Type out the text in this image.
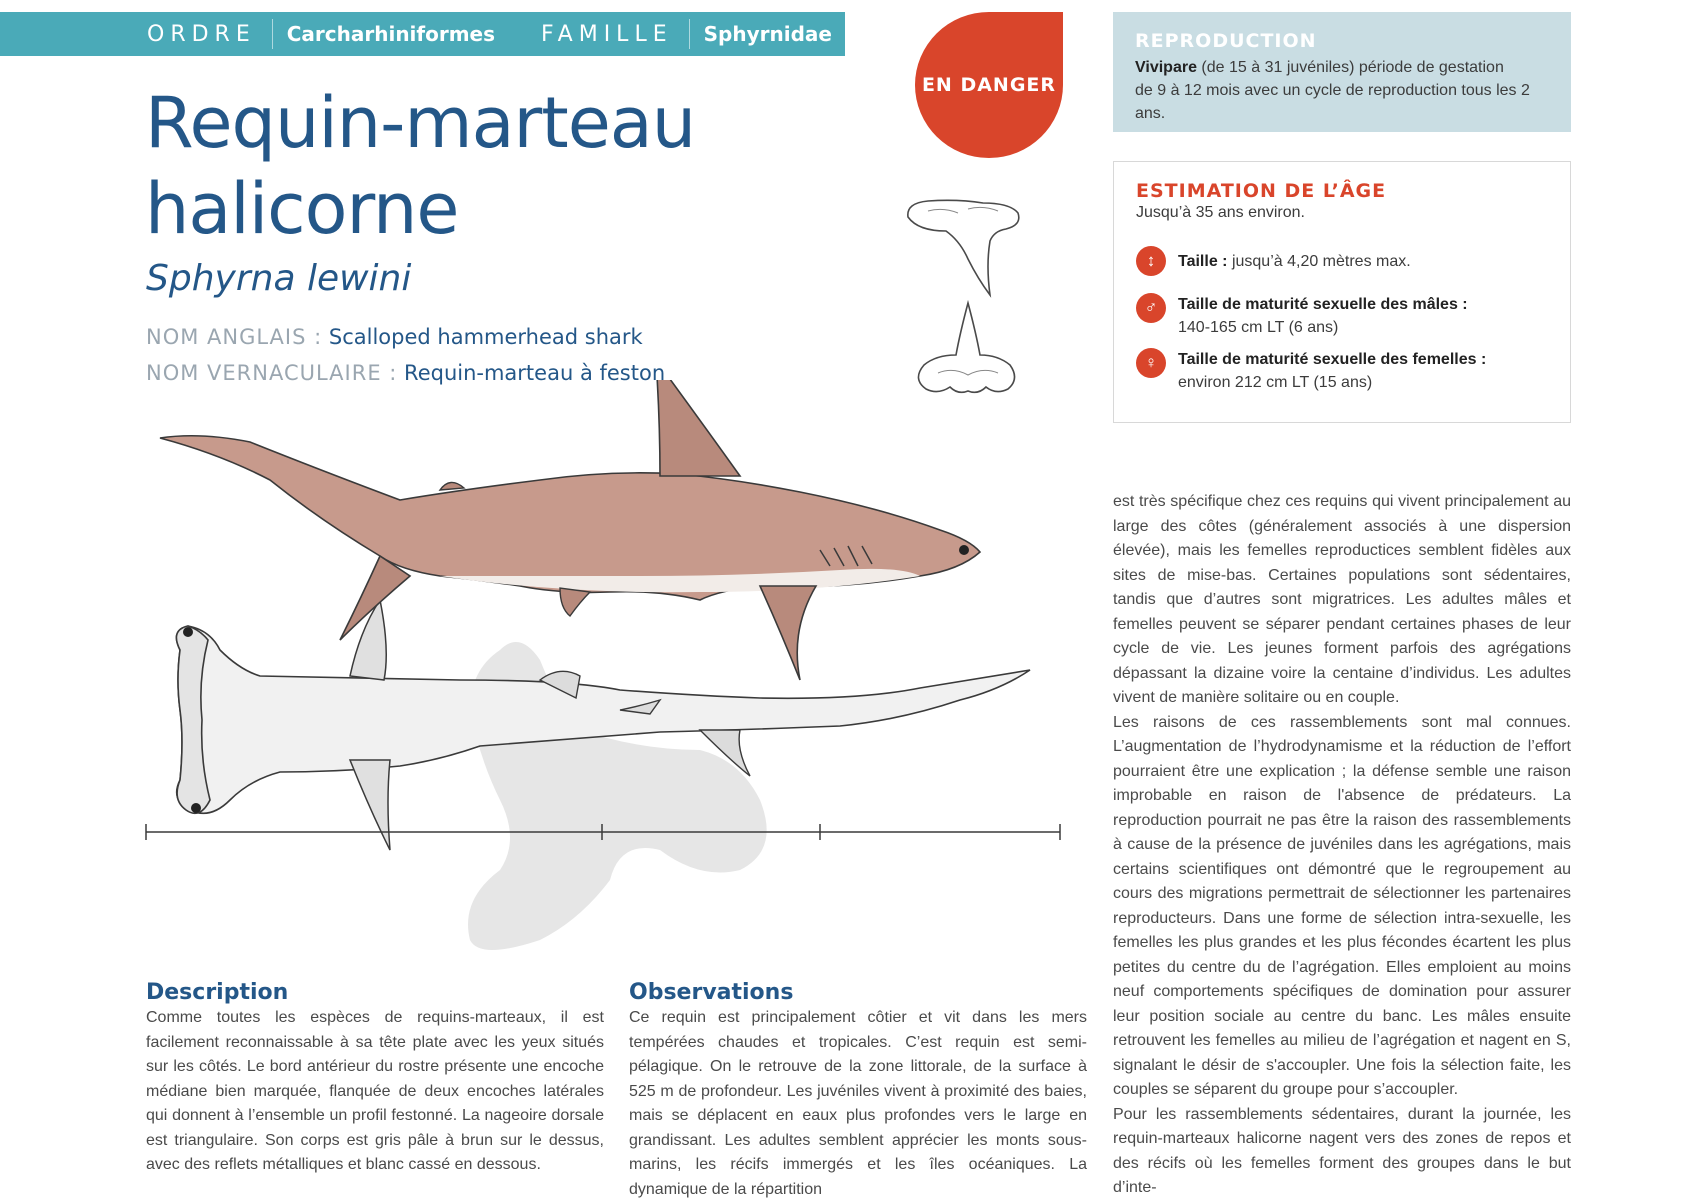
ORDRE	Carcharhiniformes FAMILLE	Sphyrnidae
EN DANGER
Requin-marteau
halicorne
Sphyrna lewini
NOM ANGLAIS : Scalloped hammerhead shark
NOM VERNACULAIRE : Requin-marteau à feston
REPRODUCTION
Vivipare (de 15 à 31 juvéniles) période de gestation
de 9 à 12 mois avec un cycle de reproduction tous les 2 ans.
ESTIMATION DE L’ÂGE
Jusqu’à 35 ans environ.
↕	Taille : jusqu’à 4,20 mètres max.
♂	Taille de maturité sexuelle des mâles :
140-165 cm LT (6 ans)
♀	Taille de maturité sexuelle des femelles :
environ 212 cm LT (15 ans)
Description
Comme toutes les espèces de requins-marteaux, il est facilement reconnaissable à sa tête plate avec les yeux situés sur les côtés. Le bord antérieur du rostre présente une encoche médiane bien marquée, flanquée de deux encoches latérales qui donnent à l’ensemble un profil festonné. La nageoire dorsale est triangulaire. Son corps est gris pâle à brun sur le dessus, avec des reflets métalliques et blanc cassé en dessous.
Observations
Ce requin est principalement côtier et vit dans les mers tempérées chaudes et tropicales. C’est requin est semi-pélagique. On le retrouve de la zone littorale, de la surface à 525 m de profondeur. Les juvéniles vivent à proximité des baies, mais se déplacent en eaux plus profondes vers le large en grandissant. Les adultes semblent apprécier les monts sous-marins, les récifs immergés et les îles océaniques. La dynamique de la répartition
est très spécifique chez ces requins qui vivent principalement au large des côtes (généralement associés à une dispersion élevée), mais les femelles reproductices semblent fidèles aux sites de mise-bas. Certaines populations sont sédentaires, tandis que d’autres sont migratrices. Les adultes mâles et femelles peuvent se séparer pendant certaines phases de leur cycle de vie. Les jeunes forment parfois des agrégations dépassant la dizaine voire la centaine d’individus. Les adultes vivent de manière solitaire ou en couple.
Les raisons de ces rassemblements sont mal connues. L’augmentation de l’hydrodynamisme et la réduction de l’effort pourraient être une explication ; la défense semble une raison improbable en raison de l'absence de prédateurs. La reproduction pourrait ne pas être la raison des rassemblements à cause de la présence de juvéniles dans les agrégations, mais certains scientifiques ont démontré que le regroupement au cours des migrations permettrait de sélectionner les partenaires reproducteurs. Dans une forme de sélection intra-sexuelle, les femelles les plus grandes et les plus fécondes écartent les plus petites du centre du de l’agrégation. Elles emploient au moins neuf comportements spécifiques de domination pour assurer leur position sociale au centre du banc. Les mâles ensuite retrouvent les femelles au milieu de l’agrégation et nagent en S, signalant le désir de s'accoupler. Une fois la sélection faite, les couples se séparent du groupe pour s’accoupler.
Pour les rassemblements sédentaires, durant la journée, les requin-marteaux halicorne nagent vers des zones de repos et des récifs où les femelles forment des groupes dans le but d’inte-
